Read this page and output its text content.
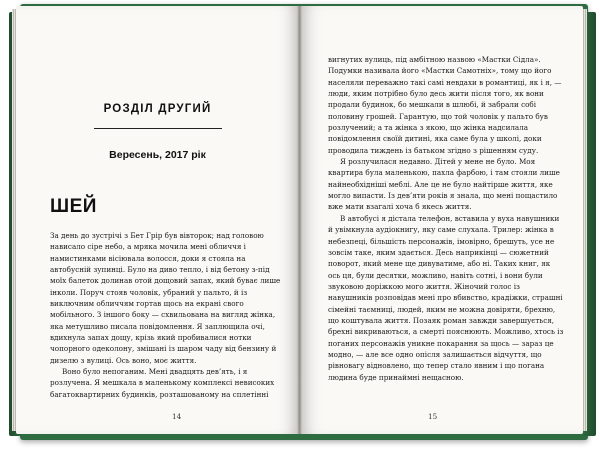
РОЗДІЛ ДРУГИЙ
Вересень, 2017 рік
ШЕЙ

За день до зустрічі з Бет Грір був вівторок; над головою нависало сіре небо, а мряка мочила мені обличчя і намистинками вісіювала волосся, доки я стояла на автобусній зупинці. Було на диво тепло, і від бетону з-під моїх балеток долинав отой дощовий запах, який буває лише інколи. Поруч стояв чоловік, убраний у пальто, й із виключним обличчям гортав щось на екрані свого мобільного. З іншого боку — схвильована на вигляд жінка, яка метушливо писала повідомлення. Я заплющила очі, вдихнула запах дощу, крізь який пробивалися нотки чопорного одеколону, змішані із шаром чаду від бензину й дизелю з вулиці. Ось воно, моє життя.

Воно було непоганим. Мені двадцять дев’ять, і я розлучена. Я мешкала в маленькому комплексі невисоких багатоквартирних будинків, розташованому на сплетінні

14

вигнутих вулиць, під амбітною назвою «Мастки Сідла». Подумки називала його «Мастки Самотніх», тому що його населяли переважно такі самі невдахи в романтиці, як і я, — люди, яким потрібно було десь жити після того, як вони продали будинок, бо мешкали в шлюбі, й забрали собі половину грошей. Гарантую, що той чоловік у пальто був розлучений; а та жінка з якою, що жінка надсилала повідомлення своїй дитині, яка саме була у школі, доки проводила тиждень із батьком згідно з рішенням суду.

Я розлучилася недавно. Дітей у мене не було. Моя квартира була маленькою, пахла фарбою, і там стояли лише найнеобхідніші меблі. Але це не було найтірше життя, яке могло випасти. Із дев’яти років я знала, що мені пощастило вже мати взагалі хоча б якесь життя.

В автобусі я дістала телефон, вставила у вуха навушники й увімкнула аудіокнигу, яку саме слухала. Трилер: жінка в небезпеці, більшість персонажів, імовірно, брешуть, усе не зовсім таке, яким здається. Десь наприкінці — сюжетний поворот, який мене ще дивуватиме, або ні. Таких книг, як ось ця, були десятки, можливо, навіть сотні, і вони були звуковою доріжкою мого життя. Жіночий голос із навушників розповідав мені про вбивство, крадіжки, страшні сімейні таємниці, людей, яким не можна довіряти, брехню, що коштувала життя. Позаяк роман завжди завершується, брехні викриваються, а смерті пояснюють. Можливо, хтось із поганих персонажів уникне покарання за щось — зараз це модно, — але все одно опісля залишається відчуття, що рівновагу відновлено, що тепер стало явним і що погана людина буде принаймні нещасною.

15
